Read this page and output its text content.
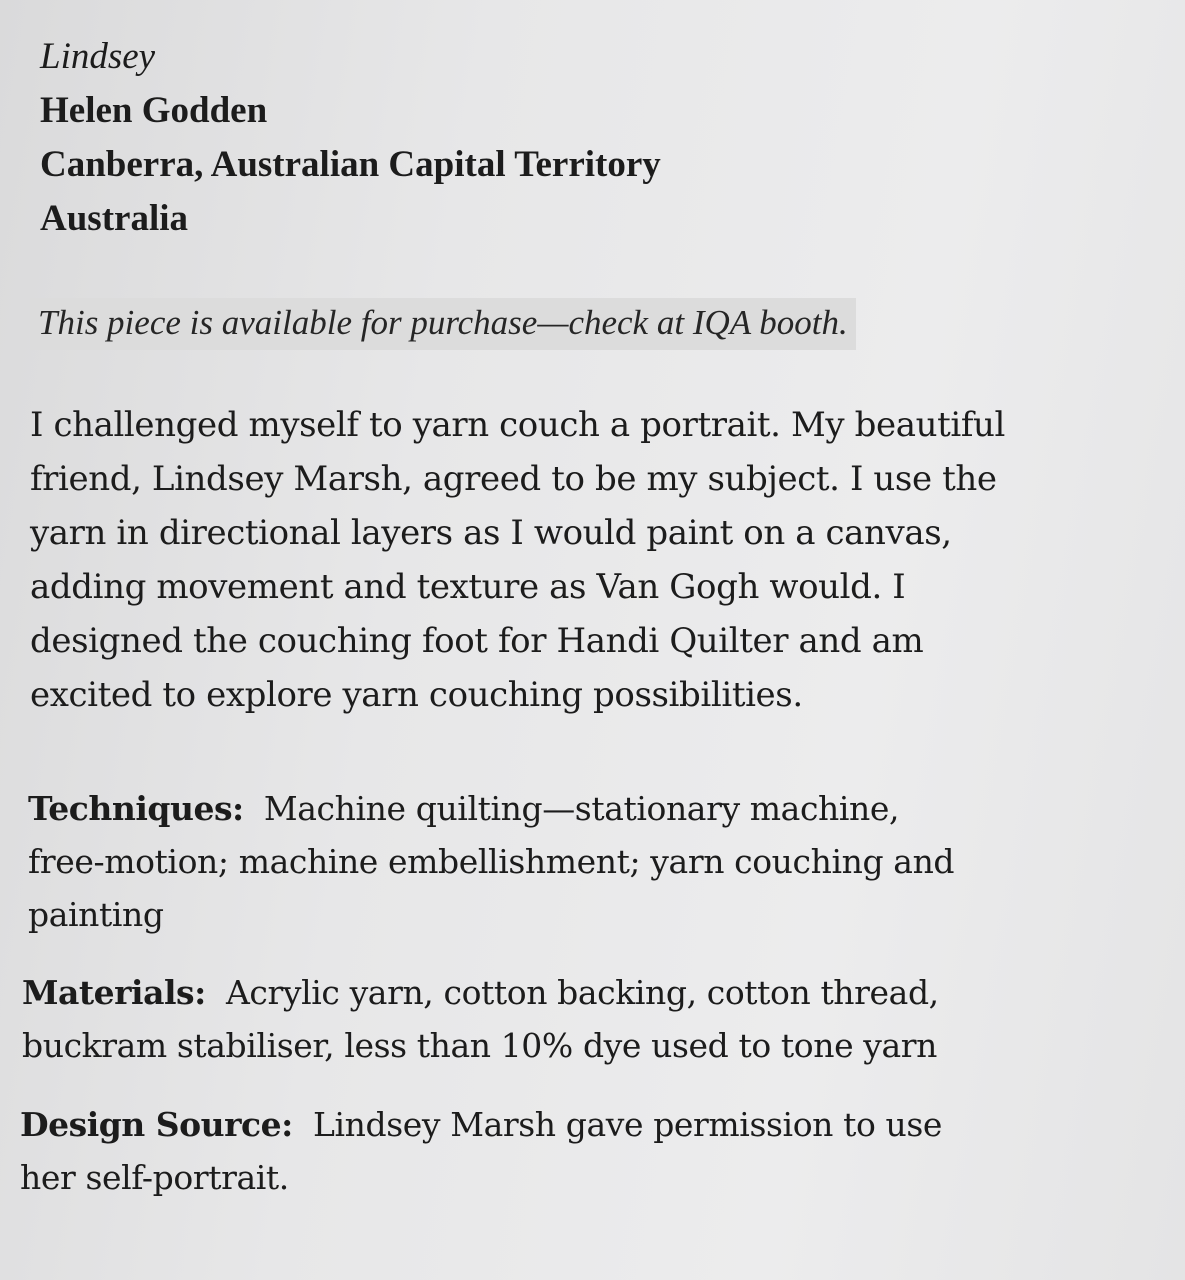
Lindsey
Helen Godden
Canberra, Australian Capital Territory
Australia
This piece is available for purchase—check at IQA booth.
I challenged myself to yarn couch a portrait. My beautiful
friend, Lindsey Marsh, agreed to be my subject. I use the
yarn in directional layers as I would paint on a canvas,
adding movement and texture as Van Gogh would. I
designed the couching foot for Handi Quilter and am
excited to explore yarn couching possibilities.
Techniques: Machine quilting—stationary machine,
free-motion; machine embellishment; yarn couching and
painting
Materials: Acrylic yarn, cotton backing, cotton thread,
buckram stabiliser, less than 10% dye used to tone yarn
Design Source: Lindsey Marsh gave permission to use
her self-portrait.
